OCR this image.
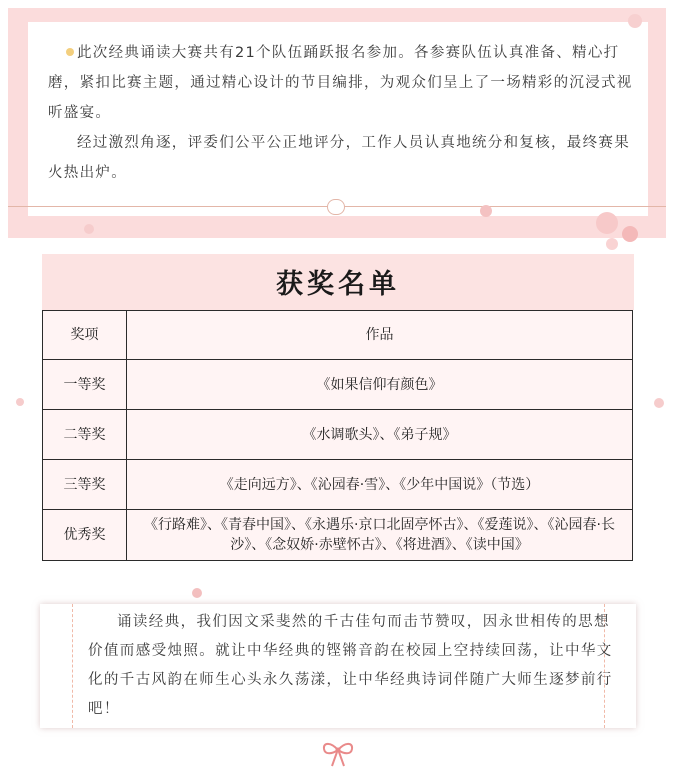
此次经典诵读大赛共有21个队伍踊跃报名参加。各参赛队伍认真准备、精心打磨，紧扣比赛主题，通过精心设计的节目编排，为观众们呈上了一场精彩的沉浸式视听盛宴。

经过激烈角逐，评委们公平公正地评分，工作人员认真地统分和复核，最终赛果火热出炉。

获奖名单
奖项	作品
一等奖	《如果信仰有颜色》
二等奖	《水调歌头》、《弟子规》
三等奖	《走向远方》、《沁园春·雪》、《少年中国说》（节选）
优秀奖	《行路难》、《青春中国》、《永遇乐·京口北固亭怀古》、《爱莲说》、《沁园春·长沙》、《念奴娇·赤壁怀古》、《将进酒》、《读中国》

诵读经典，我们因文采斐然的千古佳句而击节赞叹，因永世相传的思想价值而感受烛照。就让中华经典的铿锵音韵在校园上空持续回荡，让中华文化的千古风韵在师生心头永久荡漾，让中华经典诗词伴随广大师生逐梦前行吧！
